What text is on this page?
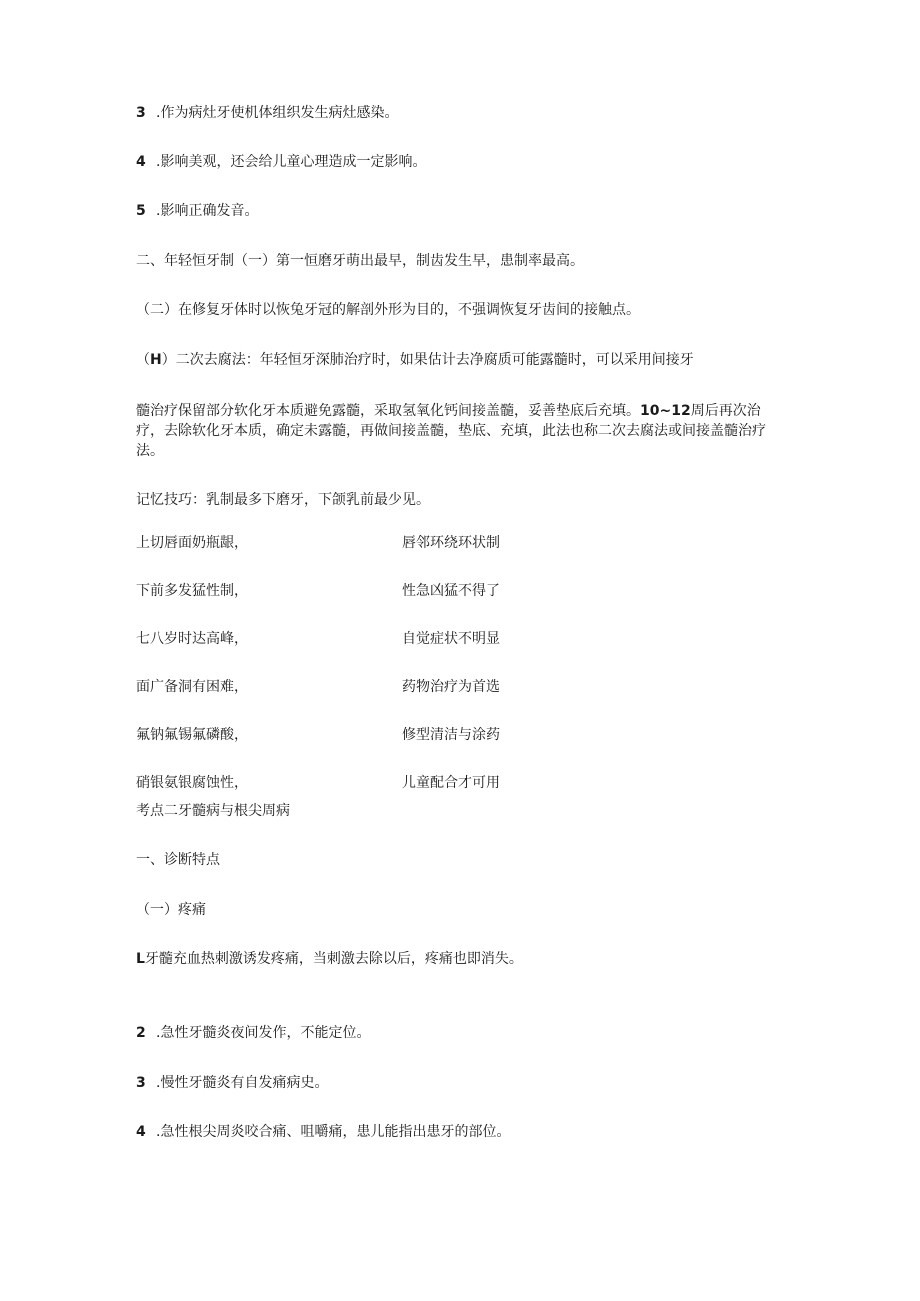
3 .作为病灶牙使机体组织发生病灶感染。
4 .影响美观，还会给儿童心理造成一定影响。
5 .影响正确发音。
二、年轻恒牙制（一）第一恒磨牙萌出最早，制齿发生早，患制率最高。
（二）在修复牙体时以恢兔牙冠的解剖外形为目的，不强调恢复牙齿间的接触点。
（H）二次去腐法：年轻恒牙深肺治疗时，如果估计去净腐质可能露髓时，可以采用间接牙
髓治疗保留部分软化牙本质避免露髓，采取氢氧化钙间接盖髓，妥善垫底后充填。10~12周后再次治疗，去除软化牙本质，确定未露髓，再做间接盖髓，垫底、充填，此法也称二次去腐法或间接盖髓治疗法。
记忆技巧：乳制最多下磨牙，下颌乳前最少见。
上切唇面奶瓶龈，	唇邻环绕环状制
下前多发猛性制，	性急凶猛不得了
七八岁时达高峰，	自觉症状不明显
面广备洞有困难，	药物治疗为首选
氟钠氟锡氟磷酸，	修型清洁与涂药
硝银氨银腐蚀性，	儿童配合才可用
考点二牙髓病与根尖周病
一、诊断特点
（一）疼痛
L牙髓充血热刺激诱发疼痛，当刺激去除以后，疼痛也即消失。
2 .急性牙髓炎夜间发作，不能定位。
3 .慢性牙髓炎有自发痛病史。
4 .急性根尖周炎咬合痛、咀嚼痛，患儿能指出患牙的部位。
